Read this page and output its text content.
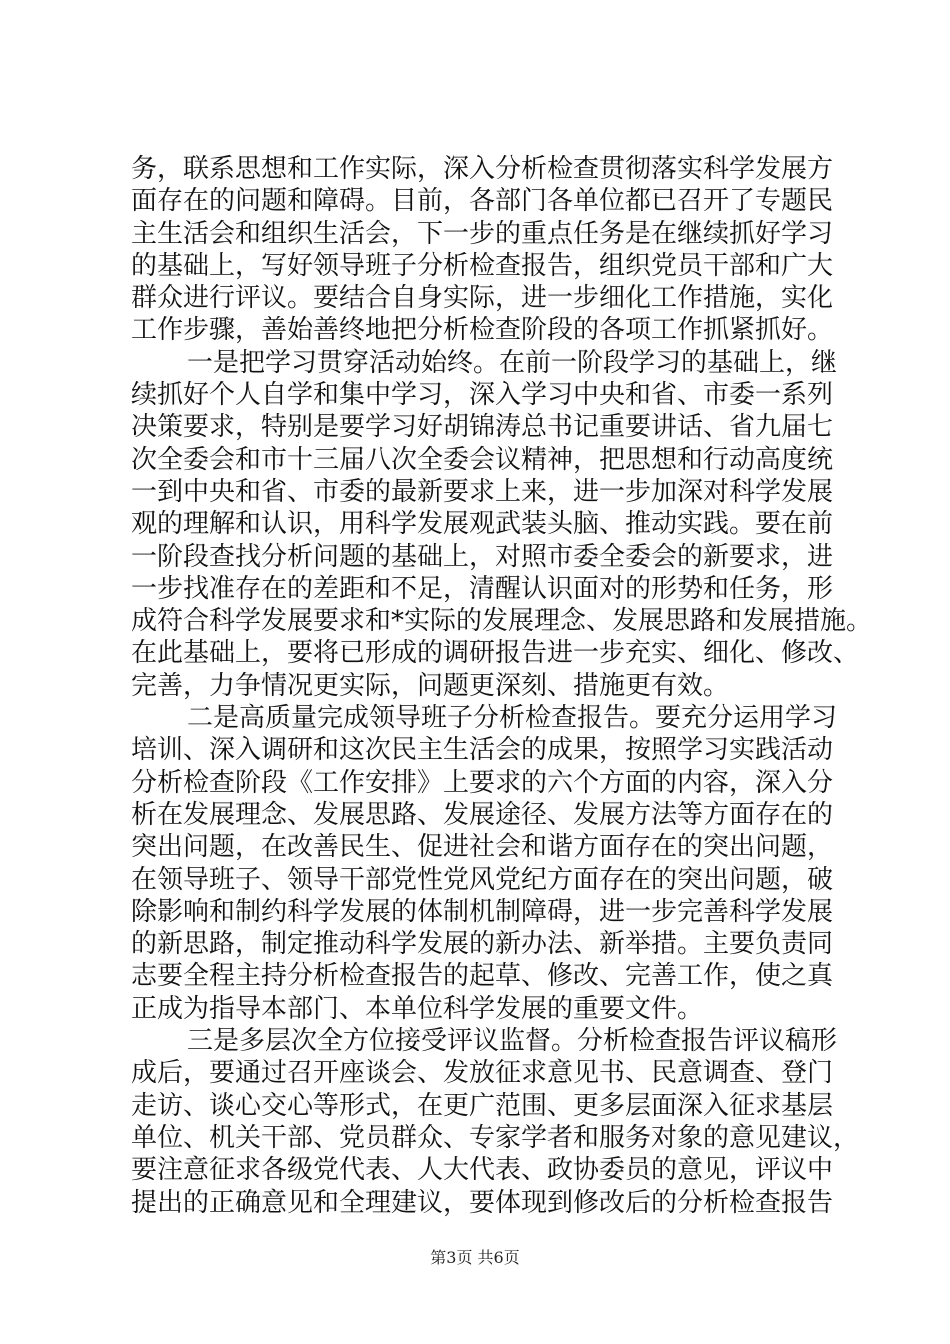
务，联系思想和工作实际，深入分析检查贯彻落实科学发展方
面存在的问题和障碍。目前，各部门各单位都已召开了专题民
主生活会和组织生活会，下一步的重点任务是在继续抓好学习
的基础上，写好领导班子分析检查报告，组织党员干部和广大
群众进行评议。要结合自身实际，进一步细化工作措施，实化
工作步骤，善始善终地把分析检查阶段的各项工作抓紧抓好。
一是把学习贯穿活动始终。在前一阶段学习的基础上，继
续抓好个人自学和集中学习，深入学习中央和省、市委一系列
决策要求，特别是要学习好胡锦涛总书记重要讲话、省九届七
次全委会和市十三届八次全委会议精神，把思想和行动高度统
一到中央和省、市委的最新要求上来，进一步加深对科学发展
观的理解和认识，用科学发展观武装头脑、推动实践。要在前
一阶段查找分析问题的基础上，对照市委全委会的新要求，进
一步找准存在的差距和不足，清醒认识面对的形势和任务，形
成符合科学发展要求和*实际的发展理念、发展思路和发展措施。
在此基础上，要将已形成的调研报告进一步充实、细化、修改、
完善，力争情况更实际，问题更深刻、措施更有效。
二是高质量完成领导班子分析检查报告。要充分运用学习
培训、深入调研和这次民主生活会的成果，按照学习实践活动
分析检查阶段《工作安排》上要求的六个方面的内容，深入分
析在发展理念、发展思路、发展途径、发展方法等方面存在的
突出问题，在改善民生、促进社会和谐方面存在的突出问题，
在领导班子、领导干部党性党风党纪方面存在的突出问题，破
除影响和制约科学发展的体制机制障碍，进一步完善科学发展
的新思路，制定推动科学发展的新办法、新举措。主要负责同
志要全程主持分析检查报告的起草、修改、完善工作，使之真
正成为指导本部门、本单位科学发展的重要文件。
三是多层次全方位接受评议监督。分析检查报告评议稿形
成后，要通过召开座谈会、发放征求意见书、民意调查、登门
走访、谈心交心等形式，在更广范围、更多层面深入征求基层
单位、机关干部、党员群众、专家学者和服务对象的意见建议，
要注意征求各级党代表、人大代表、政协委员的意见，评议中
提出的正确意见和全理建议，要体现到修改后的分析检查报告
第3页 共6页
